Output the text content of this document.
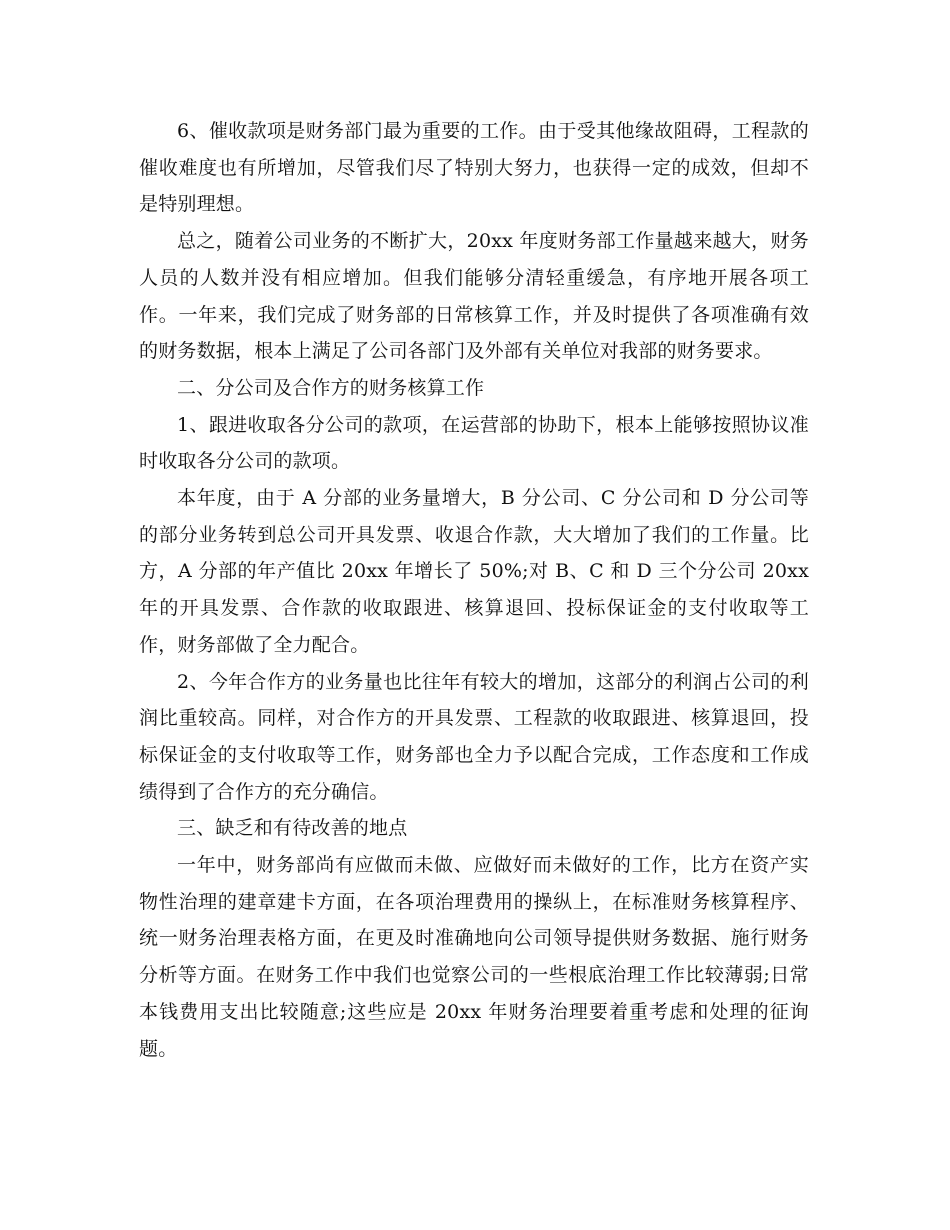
6、催收款项是财务部门最为重要的工作。由于受其他缘故阻碍，工程款的催收难度也有所增加，尽管我们尽了特别大努力，也获得一定的成效，但却不是特别理想。

总之，随着公司业务的不断扩大，20xx 年度财务部工作量越来越大，财务人员的人数并没有相应增加。但我们能够分清轻重缓急，有序地开展各项工作。一年来，我们完成了财务部的日常核算工作，并及时提供了各项准确有效的财务数据，根本上满足了公司各部门及外部有关单位对我部的财务要求。

二、分公司及合作方的财务核算工作

1、跟进收取各分公司的款项，在运营部的协助下，根本上能够按照协议准时收取各分公司的款项。

本年度，由于 A 分部的业务量增大，B 分公司、C 分公司和 D 分公司等的部分业务转到总公司开具发票、收退合作款，大大增加了我们的工作量。比方，A 分部的年产值比 20xx 年增长了 50%;对 B、C 和 D 三个分公司 20xx 年的开具发票、合作款的收取跟进、核算退回、投标保证金的支付收取等工作，财务部做了全力配合。

2、今年合作方的业务量也比往年有较大的增加，这部分的利润占公司的利润比重较高。同样，对合作方的开具发票、工程款的收取跟进、核算退回，投标保证金的支付收取等工作，财务部也全力予以配合完成，工作态度和工作成绩得到了合作方的充分确信。

三、缺乏和有待改善的地点

一年中，财务部尚有应做而未做、应做好而未做好的工作，比方在资产实物性治理的建章建卡方面，在各项治理费用的操纵上，在标准财务核算程序、统一财务治理表格方面，在更及时准确地向公司领导提供财务数据、施行财务分析等方面。在财务工作中我们也觉察公司的一些根底治理工作比较薄弱;日常本钱费用支出比较随意;这些应是 20xx 年财务治理要着重考虑和处理的征询题。
